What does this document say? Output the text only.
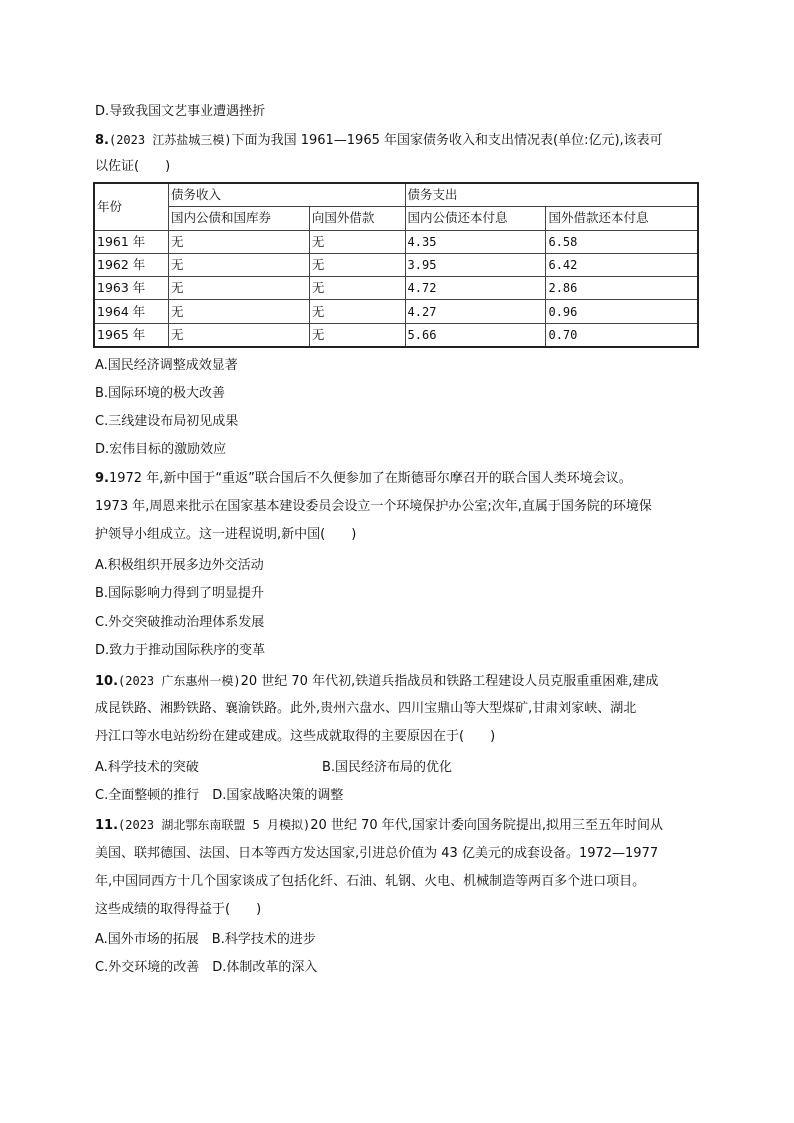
D.导致我国文艺事业遭遇挫折
8.(2023 江苏盐城三模)下面为我国 1961—1965 年国家债务收入和支出情况表(单位:亿元),该表可
以佐证(　　)
年份	债务收入		债务支出	
	国内公债和国库券	向国外借款	国内公债还本付息	国外借款还本付息
1961 年	无	无	4.35	6.58
1962 年	无	无	3.95	6.42
1963 年	无	无	4.72	2.86
1964 年	无	无	4.27	0.96
1965 年	无	无	5.66	0.70
A.国民经济调整成效显著
B.国际环境的极大改善
C.三线建设布局初见成果
D.宏伟目标的激励效应
9.1972 年,新中国于“重返”联合国后不久便参加了在斯德哥尔摩召开的联合国人类环境会议。
1973 年,周恩来批示在国家基本建设委员会设立一个环境保护办公室;次年,直属于国务院的环境保
护领导小组成立。这一进程说明,新中国(　　)
A.积极组织开展多边外交活动
B.国际影响力得到了明显提升
C.外交突破推动治理体系发展
D.致力于推动国际秩序的变革
10.(2023 广东惠州一模)20 世纪 70 年代初,铁道兵指战员和铁路工程建设人员克服重重困难,建成
成昆铁路、湘黔铁路、襄渝铁路。此外,贵州六盘水、四川宝鼎山等大型煤矿,甘肃刘家峡、湖北
丹江口等水电站纷纷在建或建成。这些成就取得的主要原因在于(　　)
A.科学技术的突破	B.国民经济布局的优化
C.全面整顿的推行　D.国家战略决策的调整
11.(2023 湖北鄂东南联盟 5 月模拟)20 世纪 70 年代,国家计委向国务院提出,拟用三至五年时间从
美国、联邦德国、法国、日本等西方发达国家,引进总价值为 43 亿美元的成套设备。1972—1977
年,中国同西方十几个国家谈成了包括化纤、石油、轧钢、火电、机械制造等两百多个进口项目。
这些成绩的取得得益于(　　)
A.国外市场的拓展　B.科学技术的进步
C.外交环境的改善　D.体制改革的深入
